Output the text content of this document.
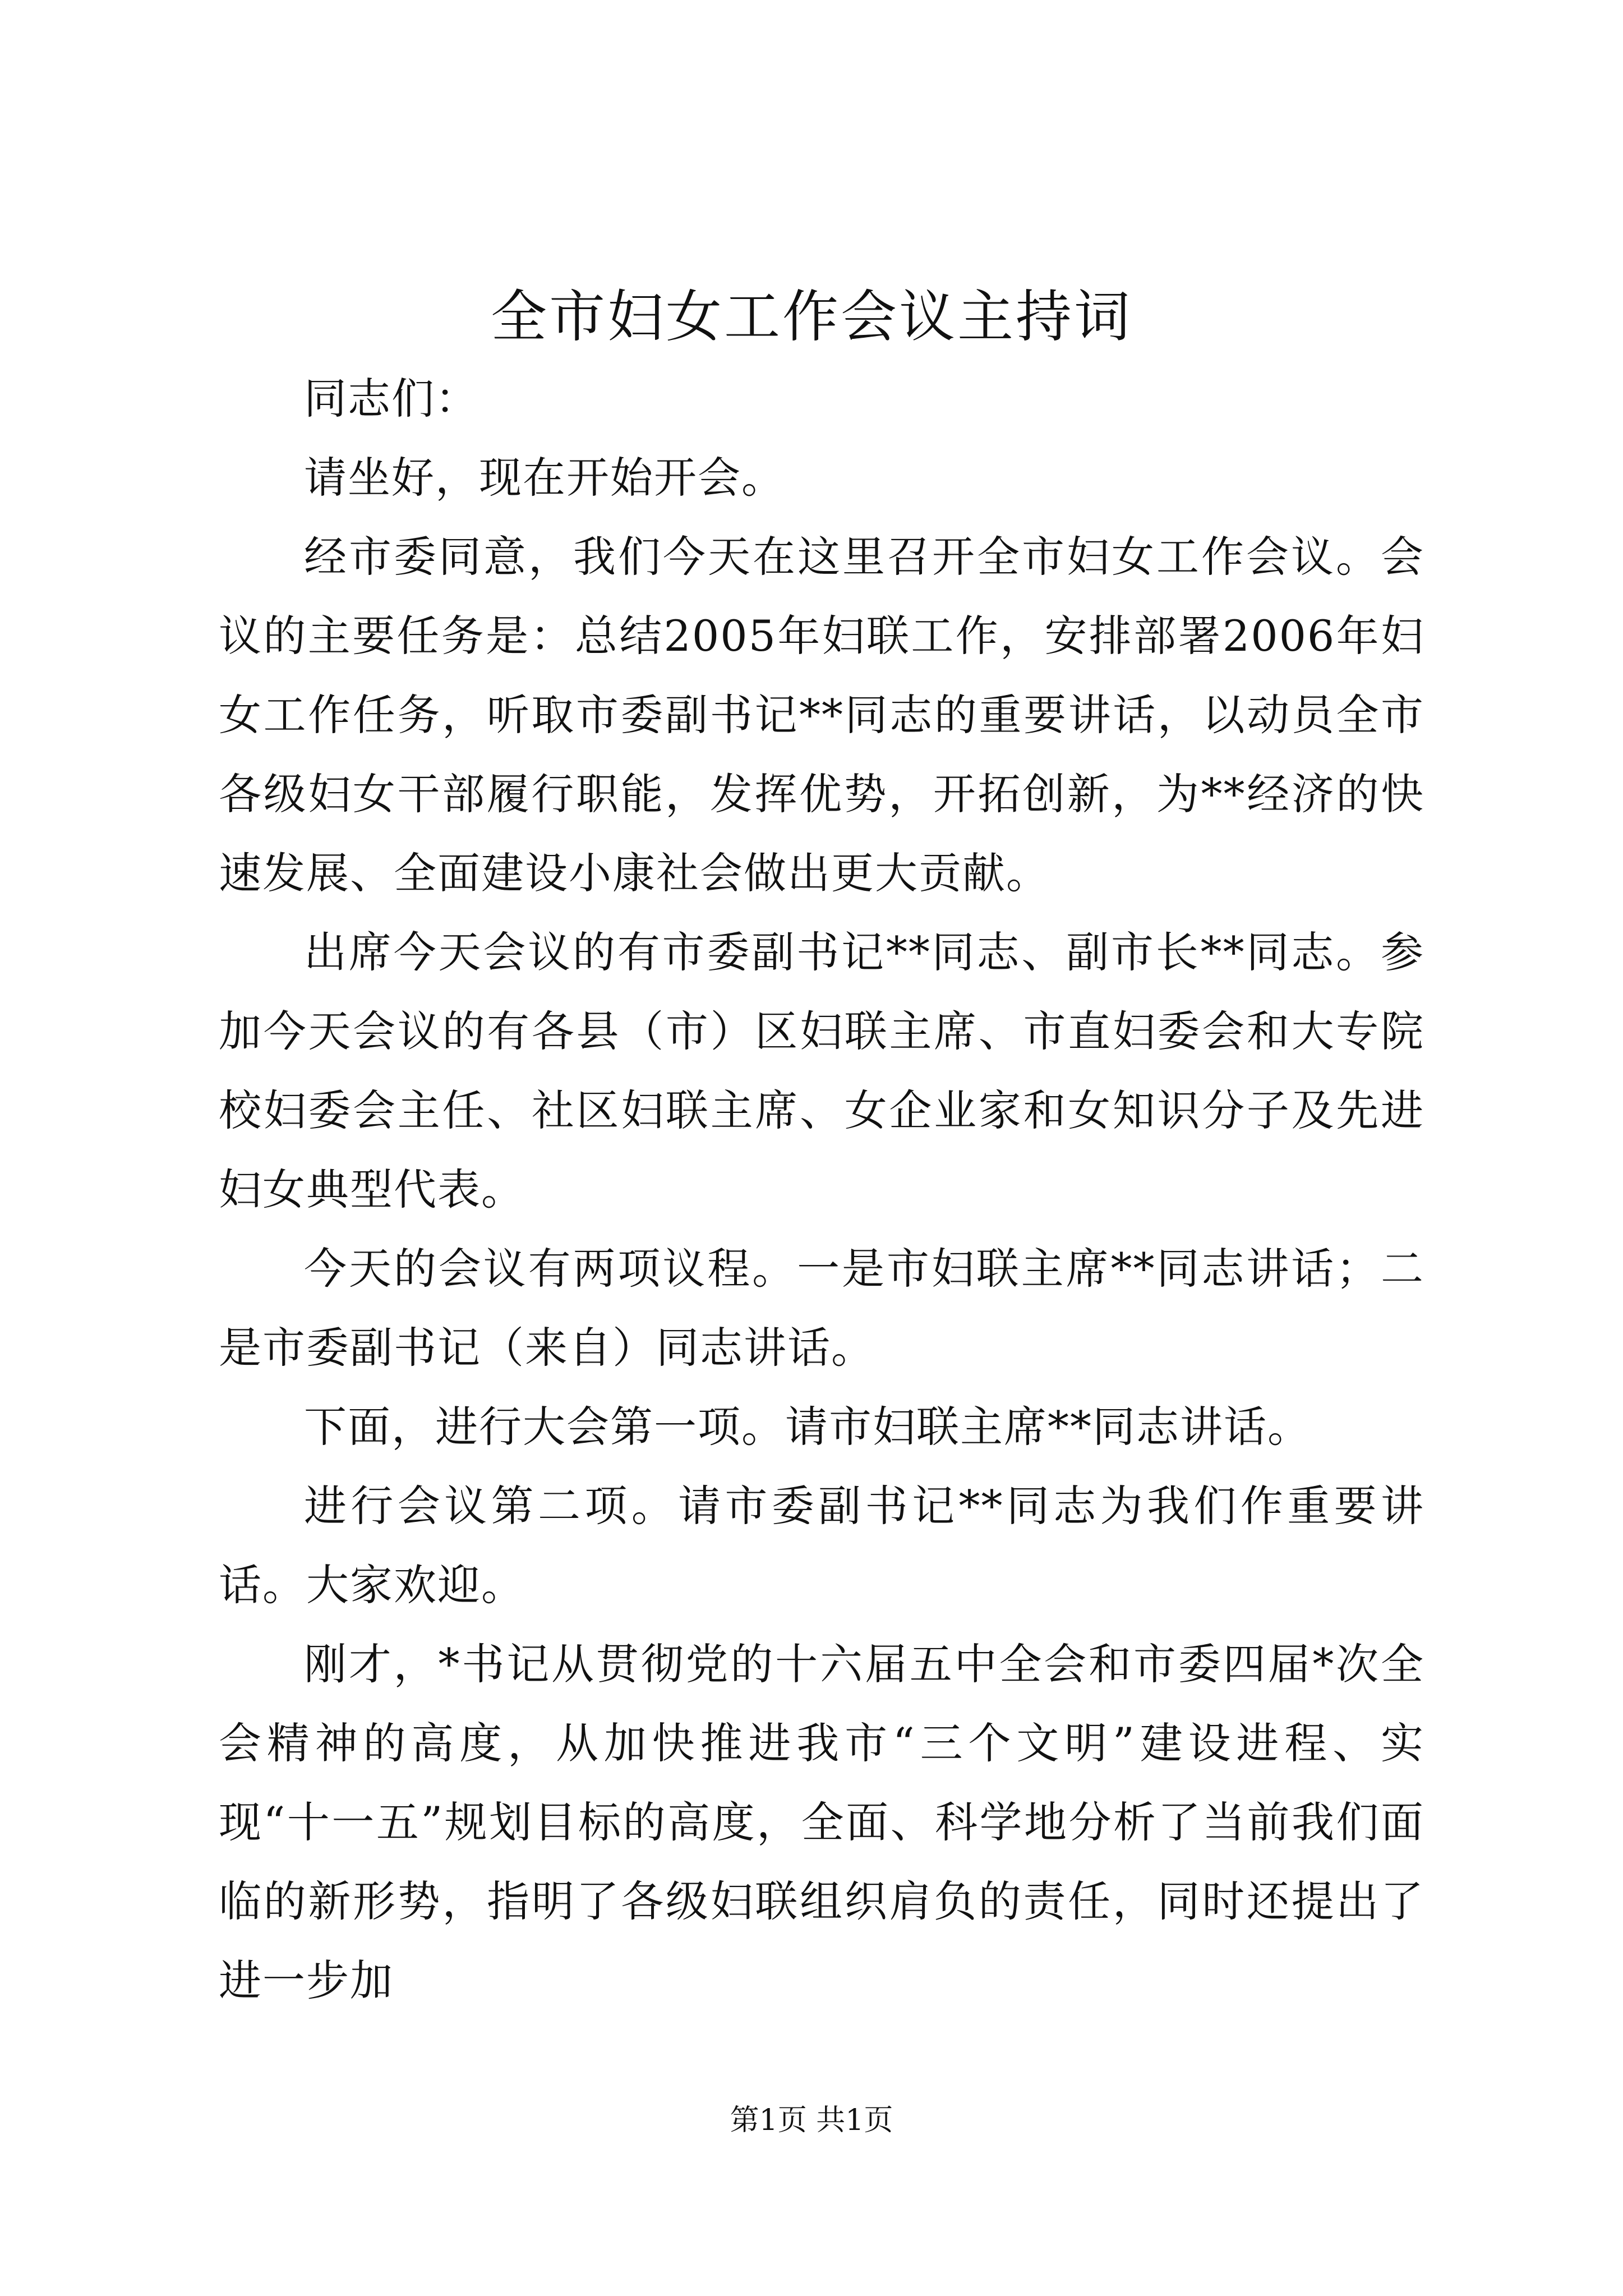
全市妇女工作会议主持词

同志们：

请坐好，现在开始开会。

经市委同意，我们今天在这里召开全市妇女工作会议。会议的主要任务是：总结2005年妇联工作，安排部署2006年妇女工作任务，听取市委副书记**同志的重要讲话，以动员全市各级妇女干部履行职能，发挥优势，开拓创新，为**经济的快速发展、全面建设小康社会做出更大贡献。

出席今天会议的有市委副书记**同志、副市长**同志。参加今天会议的有各县（市）区妇联主席、市直妇委会和大专院校妇委会主任、社区妇联主席、女企业家和女知识分子及先进妇女典型代表。

今天的会议有两项议程。一是市妇联主席**同志讲话；二是市委副书记（来自）同志讲话。

下面，进行大会第一项。请市妇联主席**同志讲话。

进行会议第二项。请市委副书记**同志为我们作重要讲话。大家欢迎。

刚才，*书记从贯彻党的十六届五中全会和市委四届*次全会精神的高度，从加快推进我市“三个文明”建设进程、实现“十一五”规划目标的高度，全面、科学地分析了当前我们面临的新形势，指明了各级妇联组织肩负的责任，同时还提出了进一步加

第1页 共1页
